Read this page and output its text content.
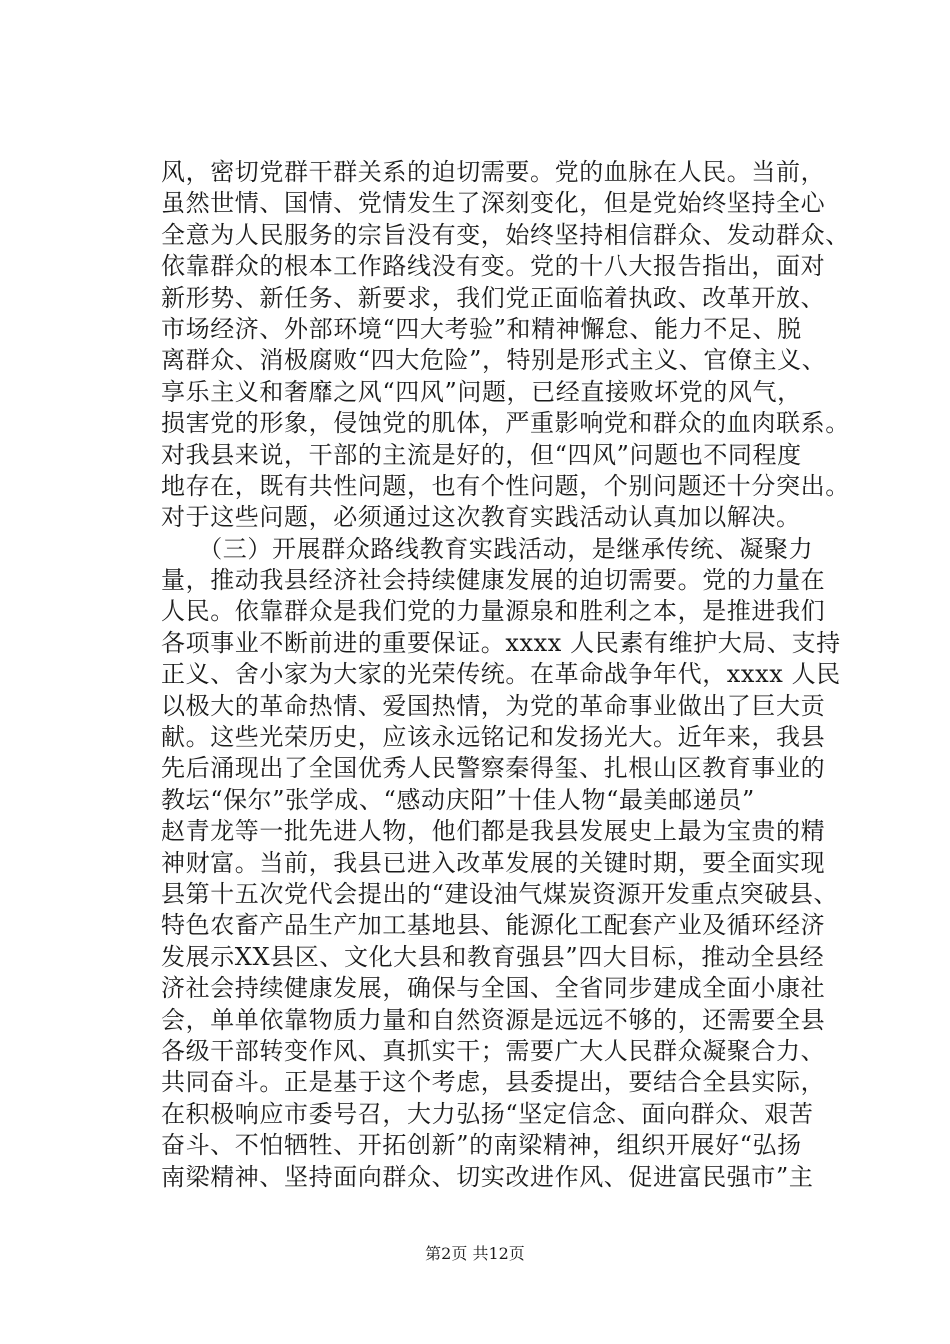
风，密切党群干群关系的迫切需要。党的血脉在人民。当前，
虽然世情、国情、党情发生了深刻变化，但是党始终坚持全心
全意为人民服务的宗旨没有变，始终坚持相信群众、发动群众、
依靠群众的根本工作路线没有变。党的十八大报告指出，面对
新形势、新任务、新要求，我们党正面临着执政、改革开放、
市场经济、外部环境“四大考验”和精神懈怠、能力不足、脱
离群众、消极腐败“四大危险”，特别是形式主义、官僚主义、
享乐主义和奢靡之风“四风”问题，已经直接败坏党的风气，
损害党的形象，侵蚀党的肌体，严重影响党和群众的血肉联系。
对我县来说，干部的主流是好的，但“四风”问题也不同程度
地存在，既有共性问题，也有个性问题，个别问题还十分突出。
对于这些问题，必须通过这次教育实践活动认真加以解决。
　　（三）开展群众路线教育实践活动，是继承传统、凝聚力
量，推动我县经济社会持续健康发展的迫切需要。党的力量在
人民。依靠群众是我们党的力量源泉和胜利之本，是推进我们
各项事业不断前进的重要保证。xxxx 人民素有维护大局、支持
正义、舍小家为大家的光荣传统。在革命战争年代，xxxx 人民
以极大的革命热情、爱国热情，为党的革命事业做出了巨大贡
献。这些光荣历史，应该永远铭记和发扬光大。近年来，我县
先后涌现出了全国优秀人民警察秦得玺、扎根山区教育事业的
教坛“保尔”张学成、“感动庆阳”十佳人物“最美邮递员”
赵青龙等一批先进人物，他们都是我县发展史上最为宝贵的精
神财富。当前，我县已进入改革发展的关键时期，要全面实现
县第十五次党代会提出的“建设油气煤炭资源开发重点突破县、
特色农畜产品生产加工基地县、能源化工配套产业及循环经济
发展示XX县区、文化大县和教育强县”四大目标，推动全县经
济社会持续健康发展，确保与全国、全省同步建成全面小康社
会，单单依靠物质力量和自然资源是远远不够的，还需要全县
各级干部转变作风、真抓实干；需要广大人民群众凝聚合力、
共同奋斗。正是基于这个考虑，县委提出，要结合全县实际，
在积极响应市委号召，大力弘扬“坚定信念、面向群众、艰苦
奋斗、不怕牺牲、开拓创新”的南梁精神，组织开展好“弘扬
南梁精神、坚持面向群众、切实改进作风、促进富民强市”主
第2页 共12页
